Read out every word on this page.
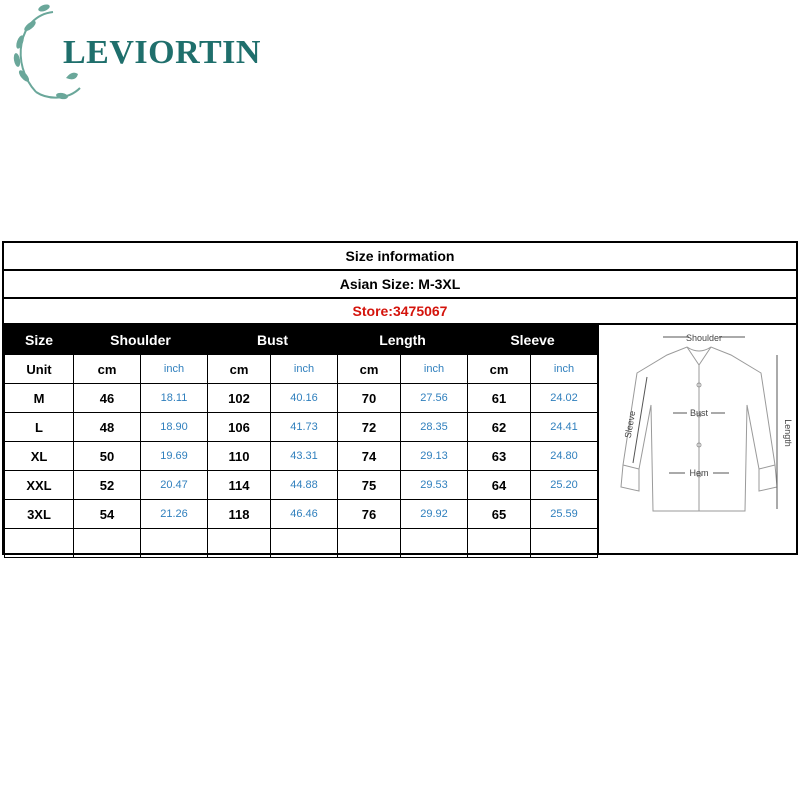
LEVIORTIN
Size information
Asian Size: M-3XL
Store:3475067
Size	Shoulder		Bust		Length		Sleeve	
Unit	cm	inch	cm	inch	cm	inch	cm	inch
M	46	18.11	102	40.16	70	27.56	61	24.02
L	48	18.90	106	41.73	72	28.35	62	24.41
XL	50	19.69	110	43.31	74	29.13	63	24.80
XXL	52	20.47	114	44.88	75	29.53	64	25.20
3XL	54	21.26	118	46.46	76	29.92	65	25.59

Shoulder
Bust
Hem
Length
Sleeve
